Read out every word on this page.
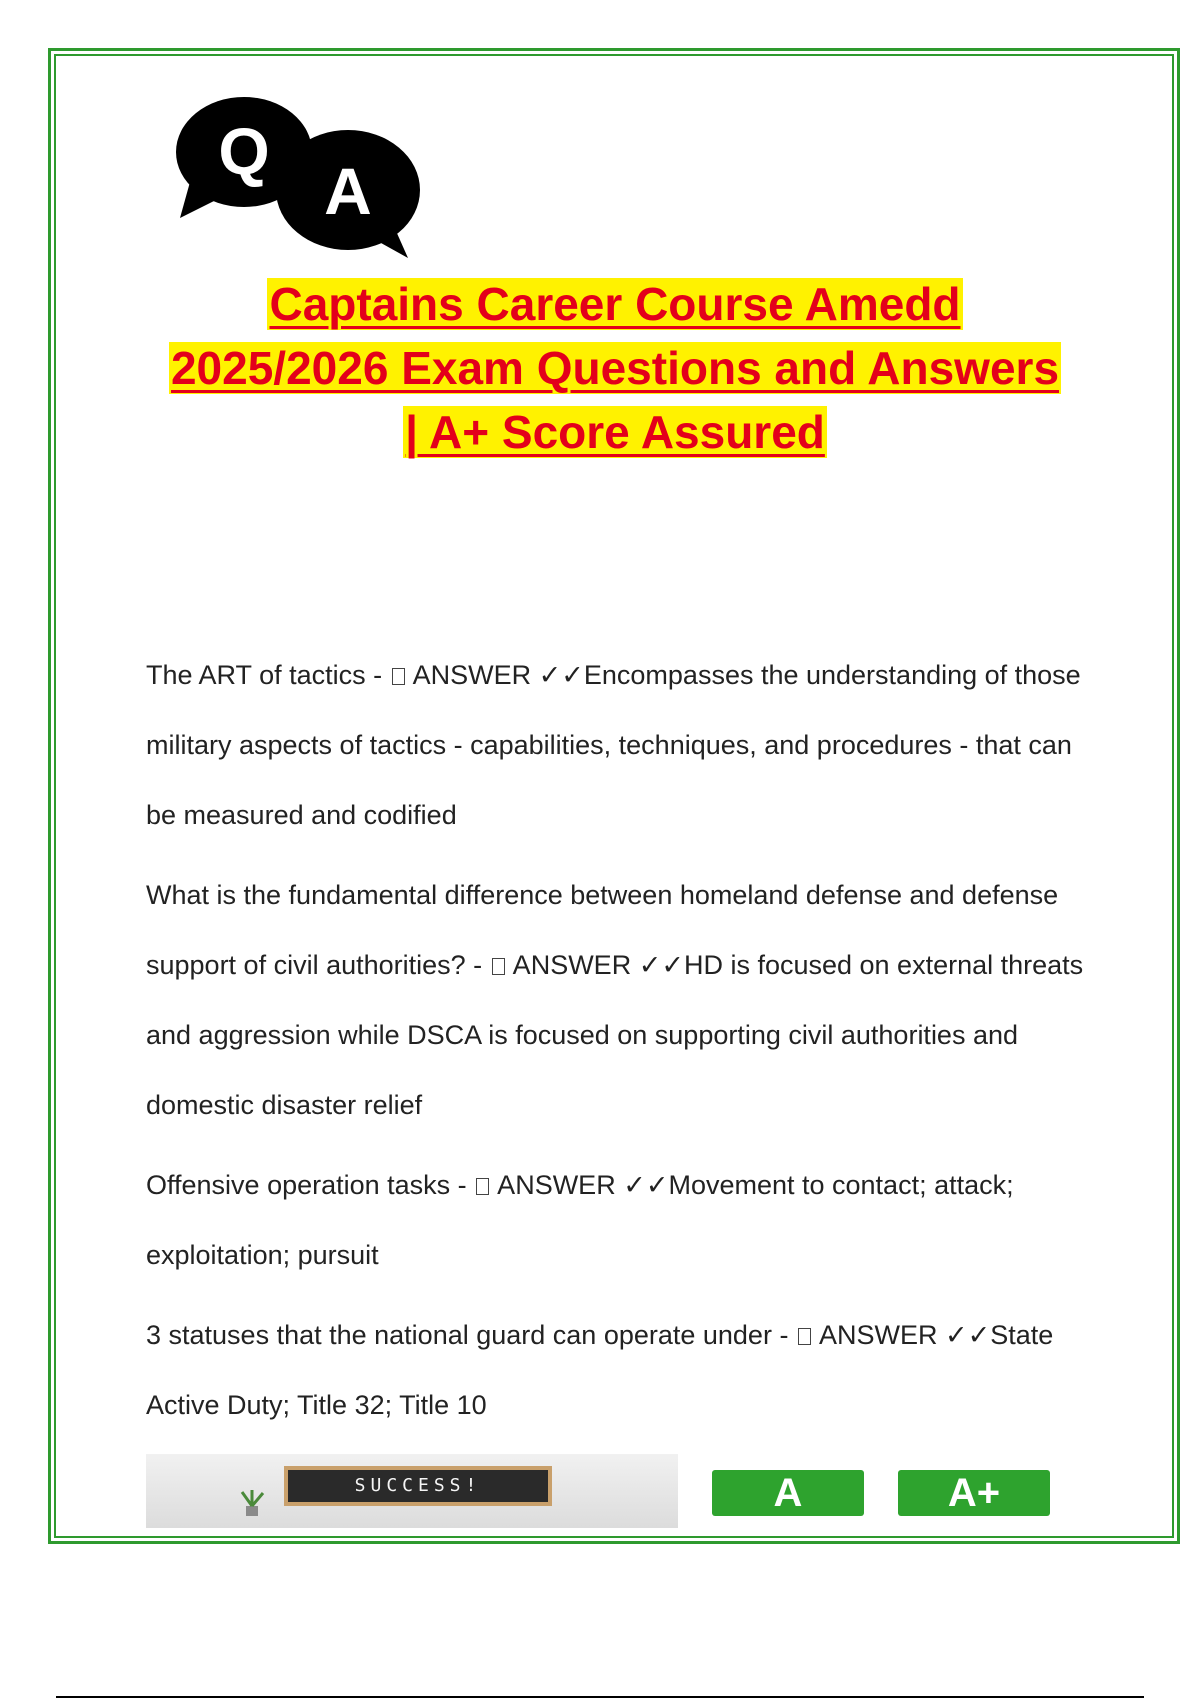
Q
A
Captains Career Course Amedd
2025/2026 Exam Questions and Answers
| A+ Score Assured

The ART of tactics -  ANSWER ✓✓Encompasses the understanding of those military aspects of tactics - capabilities, techniques, and procedures - that can be measured and codified

What is the fundamental difference between homeland defense and defense support of civil authorities? -  ANSWER ✓✓HD is focused on external threats and aggression while DSCA is focused on supporting civil authorities and domestic disaster relief

Offensive operation tasks -  ANSWER ✓✓Movement to contact; attack; exploitation; pursuit

3 statuses that the national guard can operate under -  ANSWER ✓✓State Active Duty; Title 32; Title 10

SUCCESS!	A	A+
